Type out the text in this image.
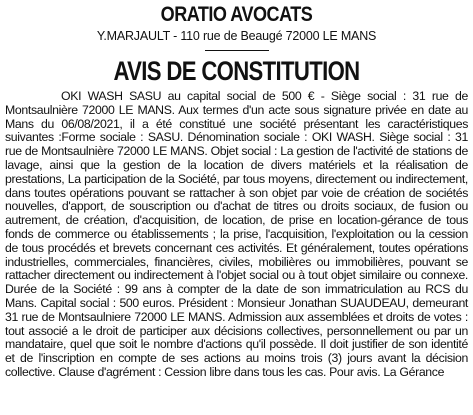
ORATIO AVOCATS

Y.MARJAULT - 110 rue de Beaugé 72000 LE MANS

AVIS DE CONSTITUTION

OKI WASH SASU au capital social de 500 € - Siège social : 31 rue de Montsaulnière 72000 LE MANS. Aux termes d'un acte sous signature privée en date au Mans du 06/08/2021, il a été constitué une société présentant les caractéristiques suivantes :Forme sociale : SASU. Dénomination sociale : OKI WASH. Siège social : 31 rue de Montsaulnière 72000 LE MANS. Objet social : La gestion de l'activité de stations de lavage, ainsi que la gestion de la location de divers matériels et la réalisation de prestations, La participation de la Société, par tous moyens, directement ou indirectement, dans toutes opérations pouvant se rattacher à son objet par voie de création de sociétés nouvelles, d'apport, de souscription ou d'achat de titres ou droits sociaux, de fusion ou autrement, de création, d'acquisition, de location, de prise en location-gérance de tous fonds de commerce ou établissements ; la prise, l'acquisition, l'exploitation ou la cession de tous procédés et brevets concernant ces activités. Et généralement, toutes opérations industrielles, commerciales, financières, civiles, mobilières ou immobilières, pouvant se rattacher directement ou indirectement à l'objet social ou à tout objet similaire ou connexe. Durée de la Société : 99 ans à compter de la date de son immatriculation au RCS du Mans. Capital social : 500 euros. Président : Monsieur Jonathan SUAUDEAU, demeurant 31 rue de Montsaulniere 72000 LE MANS. Admission aux assemblées et droits de votes : tout associé a le droit de participer aux décisions collectives, personnellement ou par un mandataire, quel que soit le nombre d'actions qu'il possède. Il doit justifier de son identité et de l'inscription en compte de ses actions au moins trois (3) jours avant la décision collective. Clause d'agrément : Cession libre dans tous les cas. Pour avis. La Gérance
